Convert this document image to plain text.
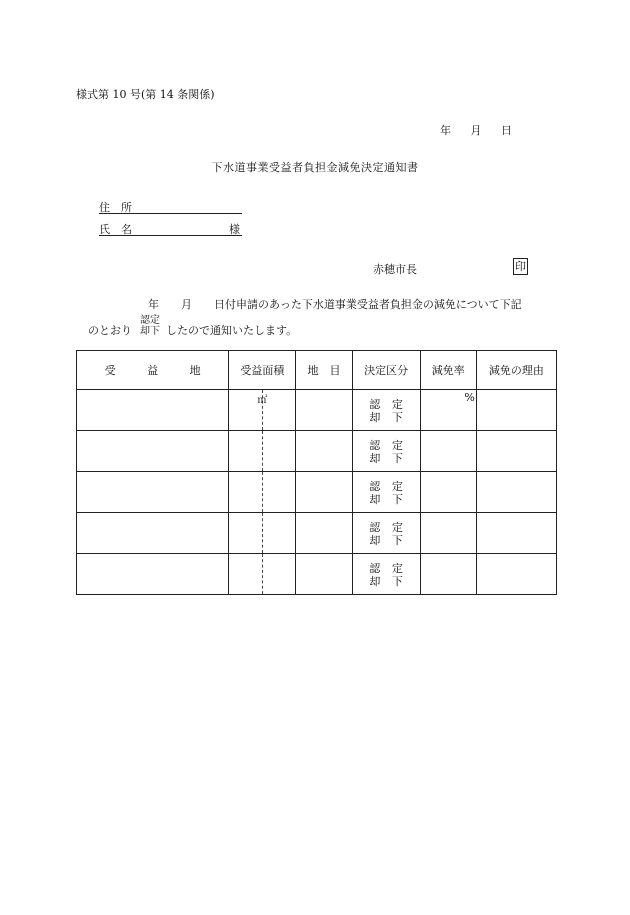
様式第 10 号(第 14 条関係)
年 月 日
下水道事業受益者負担金減免決定通知書
住　所
氏　名	様
赤穂市長	印
年 月 日付申請のあった下水道事業受益者負担金の減免について下記
のとおり
認定
却下 したので通知いたします。
受 益 地	受益面積	地　目	決定区分	減免率	減免の理由

	㎡		認 定
却 下	%	

			認 定
却 下		

			認 定
却 下		

			認 定
却 下		

			認 定
却 下		
